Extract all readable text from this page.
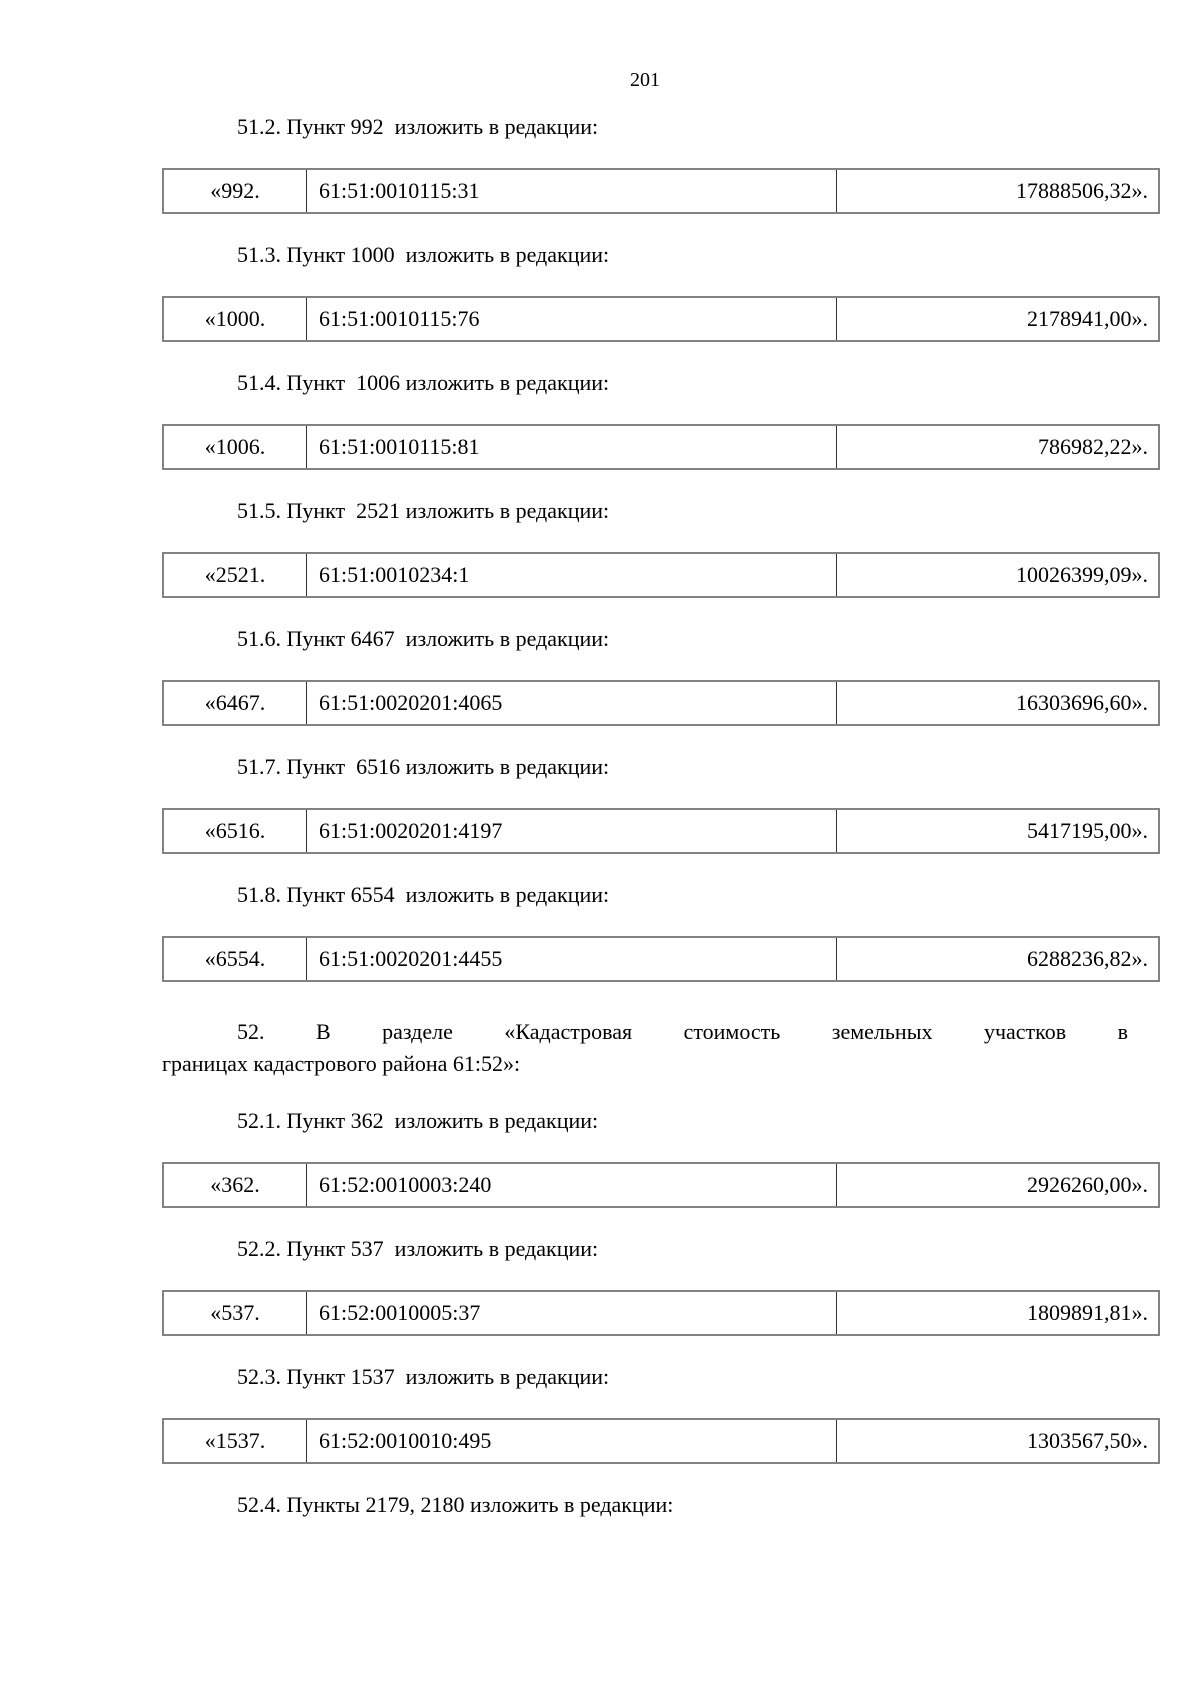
201
51.2. Пункт 992  изложить в редакции:
«992.	61:51:0010115:31	17888506,32».
51.3. Пункт 1000  изложить в редакции:
«1000.	61:51:0010115:76	2178941,00».
51.4. Пункт  1006 изложить в редакции:
«1006.	61:51:0010115:81	786982,22».
51.5. Пункт  2521 изложить в редакции:
«2521.	61:51:0010234:1	10026399,09».
51.6. Пункт 6467  изложить в редакции:
«6467.	61:51:0020201:4065	16303696,60».
51.7. Пункт  6516 изложить в редакции:
«6516.	61:51:0020201:4197	5417195,00».
51.8. Пункт 6554  изложить в редакции:
«6554.	61:51:0020201:4455	6288236,82».
52. В разделе «Кадастровая стоимость земельных участков в
границах кадастрового района 61:52»:
52.1. Пункт 362  изложить в редакции:
«362.	61:52:0010003:240	2926260,00».
52.2. Пункт 537  изложить в редакции:
«537.	61:52:0010005:37	1809891,81».
52.3. Пункт 1537  изложить в редакции:
«1537.	61:52:0010010:495	1303567,50».
52.4. Пункты 2179, 2180 изложить в редакции:
